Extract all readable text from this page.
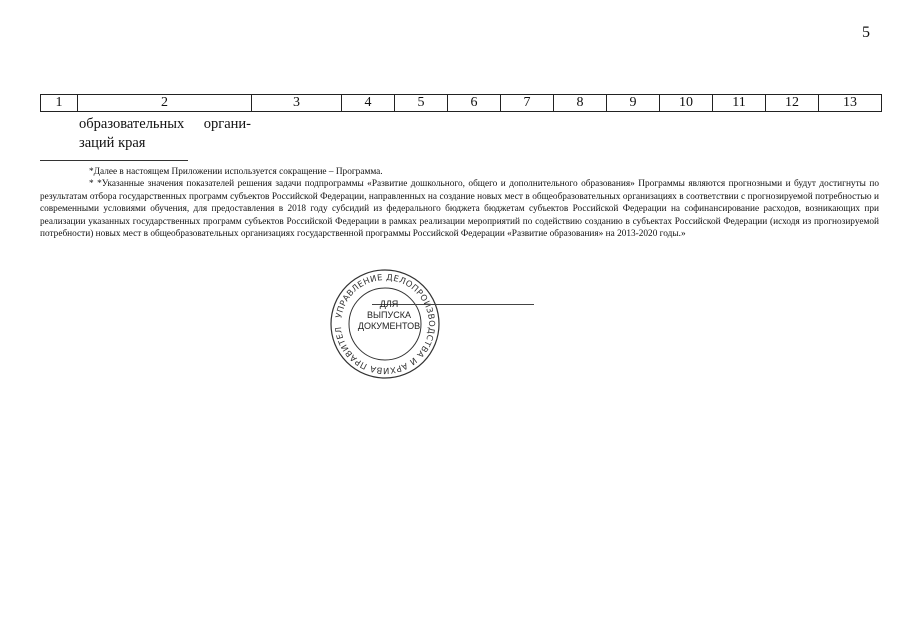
5
1	2	3	4	5	6	7	8	9	10	11	12	13
образовательных органи-
заций края
*Далее в настоящем Приложении используется сокращение – Программа.
* *Указанные значения показателей решения задачи подпрограммы «Развитие дошкольного, общего и дополнительного образования» Программы являются прогнозными и будут достигнуты по результатам отбора государственных программ субъектов Российской Федерации, направленных на создание новых мест в общеобразовательных организациях в соответствии с прогнозируемой потребностью и современными условиями обучения, для предоставления в 2018 году субсидий из федерального бюджета бюджетам субъектов Российской Федерации на софинансирование расходов, возникающих при реализации указанных государственных программ субъектов Российской Федерации в рамках реализации мероприятий по содействию созданию в субъектах Российской Федерации (исходя из прогнозируемой потребности) новых мест в общеобразовательных организациях государственной программы Российской Федерации «Развитие образования» на 2013-2020 годы.»
УПРАВЛЕНИЕ ДЕЛОПРОИЗВОДСТВА И АРХИВА ПРАВИТЕЛ
ДЛЯ
ВЫПУСКА
ДОКУМЕНТОВ
